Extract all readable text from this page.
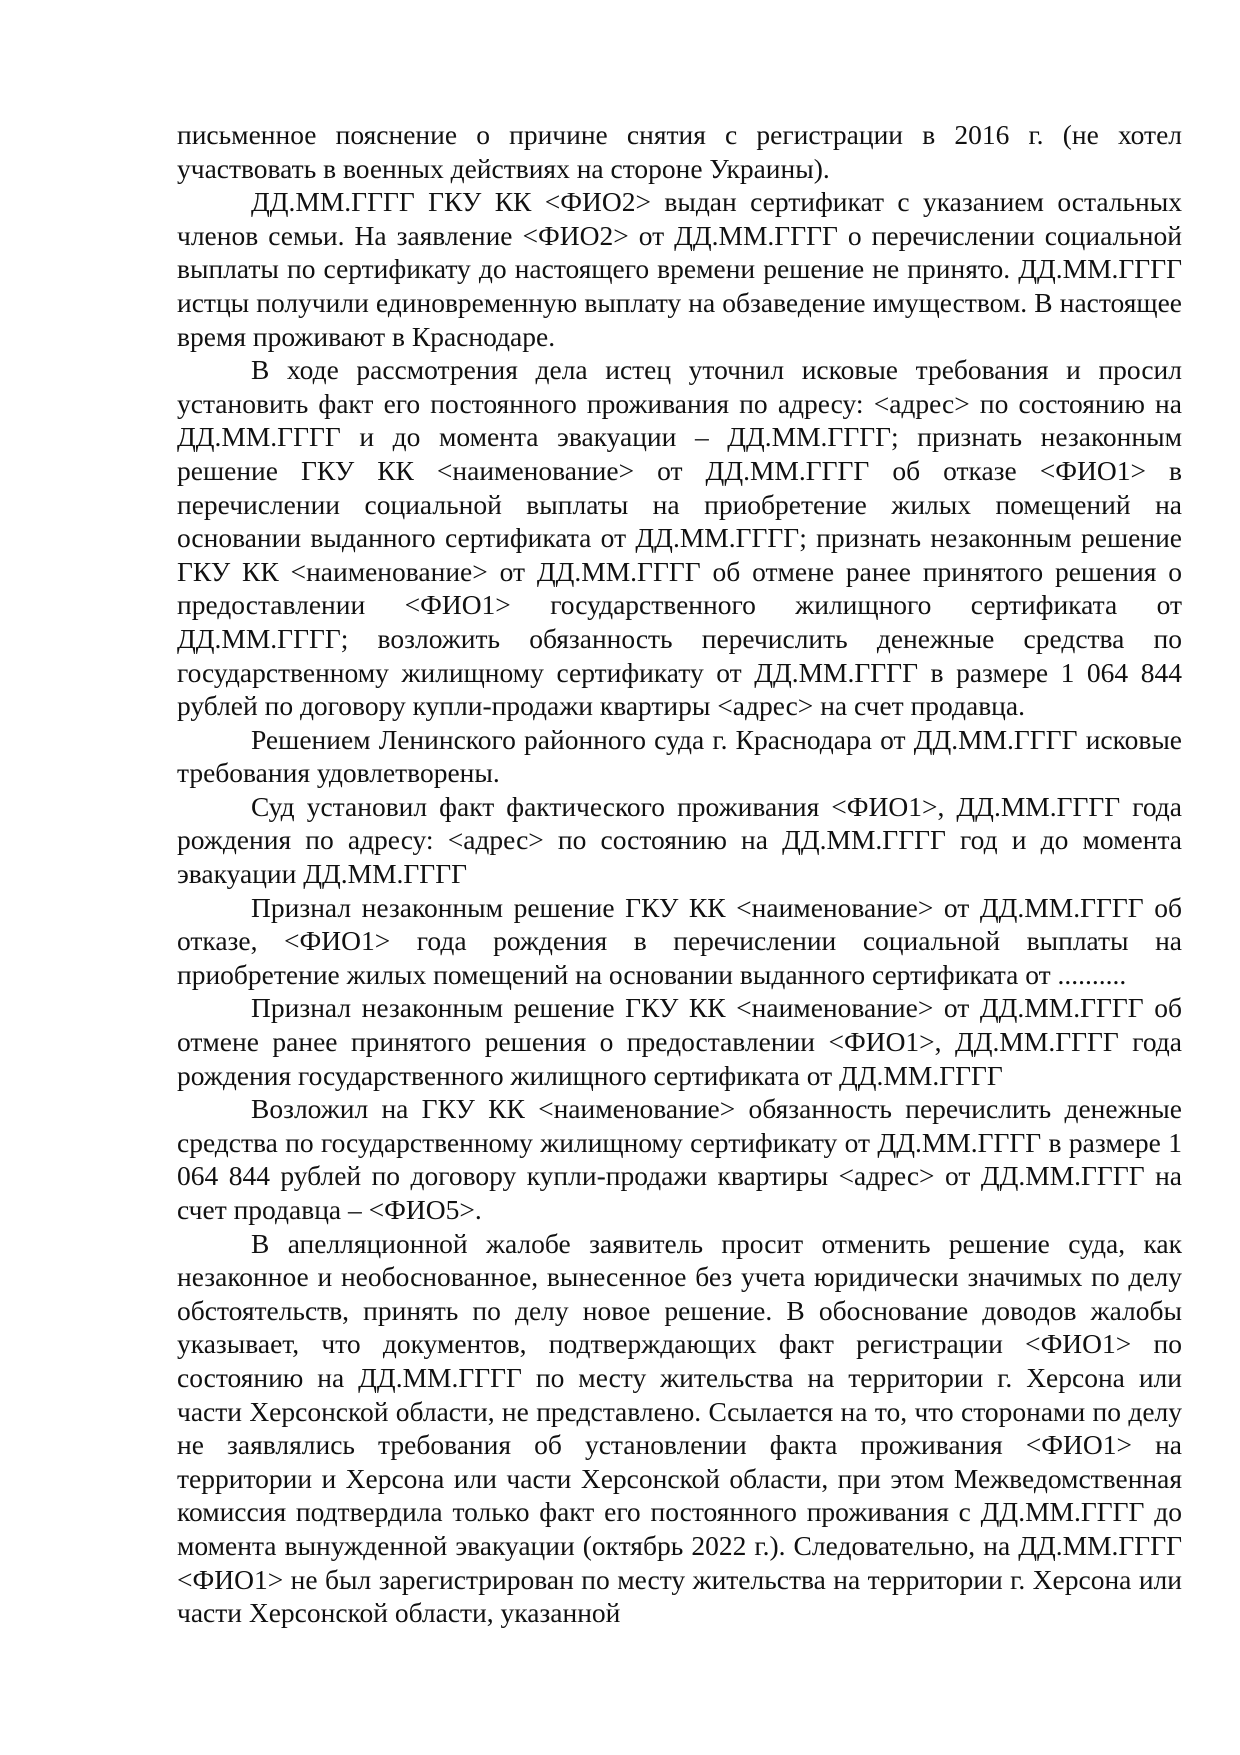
письменное пояснение о причине снятия с регистрации в 2016 г. (не хотел участвовать в военных действиях на стороне Украины).

ДД.ММ.ГГГГ ГКУ КК <ФИО2> выдан сертификат с указанием остальных членов семьи. На заявление <ФИО2> от ДД.ММ.ГГГГ о перечислении социальной выплаты по сертификату до настоящего времени решение не принято. ДД.ММ.ГГГГ истцы получили единовременную выплату на обзаведение имуществом. В настоящее время проживают в Краснодаре.

В ходе рассмотрения дела истец уточнил исковые требования и просил установить факт его постоянного проживания по адресу: <адрес> по состоянию на ДД.ММ.ГГГГ и до момента эвакуации – ДД.ММ.ГГГГ; признать незаконным решение ГКУ КК <наименование> от ДД.ММ.ГГГГ об отказе <ФИО1> в перечислении социальной выплаты на приобретение жилых помещений на основании выданного сертификата от ДД.ММ.ГГГГ; признать незаконным решение ГКУ КК <наименование> от ДД.ММ.ГГГГ об отмене ранее принятого решения о предоставлении <ФИО1> государственного жилищного сертификата от ДД.ММ.ГГГГ; возложить обязанность перечислить денежные средства по государственному жилищному сертификату от ДД.ММ.ГГГГ в размере 1 064 844 рублей по договору купли-продажи квартиры <адрес> на счет продавца.

Решением Ленинского районного суда г. Краснодара от ДД.ММ.ГГГГ исковые требования удовлетворены.

Суд установил факт фактического проживания <ФИО1>, ДД.ММ.ГГГГ года рождения по адресу: <адрес> по состоянию на ДД.ММ.ГГГГ год и до момента эвакуации ДД.ММ.ГГГГ

Признал незаконным решение ГКУ КК <наименование> от ДД.ММ.ГГГГ об отказе, <ФИО1> года рождения в перечислении социальной выплаты на приобретение жилых помещений на основании выданного сертификата от ..........

Признал незаконным решение ГКУ КК <наименование> от ДД.ММ.ГГГГ об отмене ранее принятого решения о предоставлении <ФИО1>, ДД.ММ.ГГГГ года рождения государственного жилищного сертификата от ДД.ММ.ГГГГ

Возложил на ГКУ КК <наименование> обязанность перечислить денежные средства по государственному жилищному сертификату от ДД.ММ.ГГГГ в размере 1 064 844 рублей по договору купли-продажи квартиры <адрес> от ДД.ММ.ГГГГ на счет продавца – <ФИО5>.

В апелляционной жалобе заявитель просит отменить решение суда, как незаконное и необоснованное, вынесенное без учета юридически значимых по делу обстоятельств, принять по делу новое решение. В обоснование доводов жалобы указывает, что документов, подтверждающих факт регистрации <ФИО1> по состоянию на ДД.ММ.ГГГГ по месту жительства на территории г. Херсона или части Херсонской области, не представлено. Ссылается на то, что сторонами по делу не заявлялись требования об установлении факта проживания <ФИО1> на территории и Херсона или части Херсонской области, при этом Межведомственная комиссия подтвердила только факт его постоянного проживания с ДД.ММ.ГГГГ до момента вынужденной эвакуации (октябрь 2022 г.). Следовательно, на ДД.ММ.ГГГГ <ФИО1> не был зарегистрирован по месту жительства на территории г. Херсона или части Херсонской области, указанной
